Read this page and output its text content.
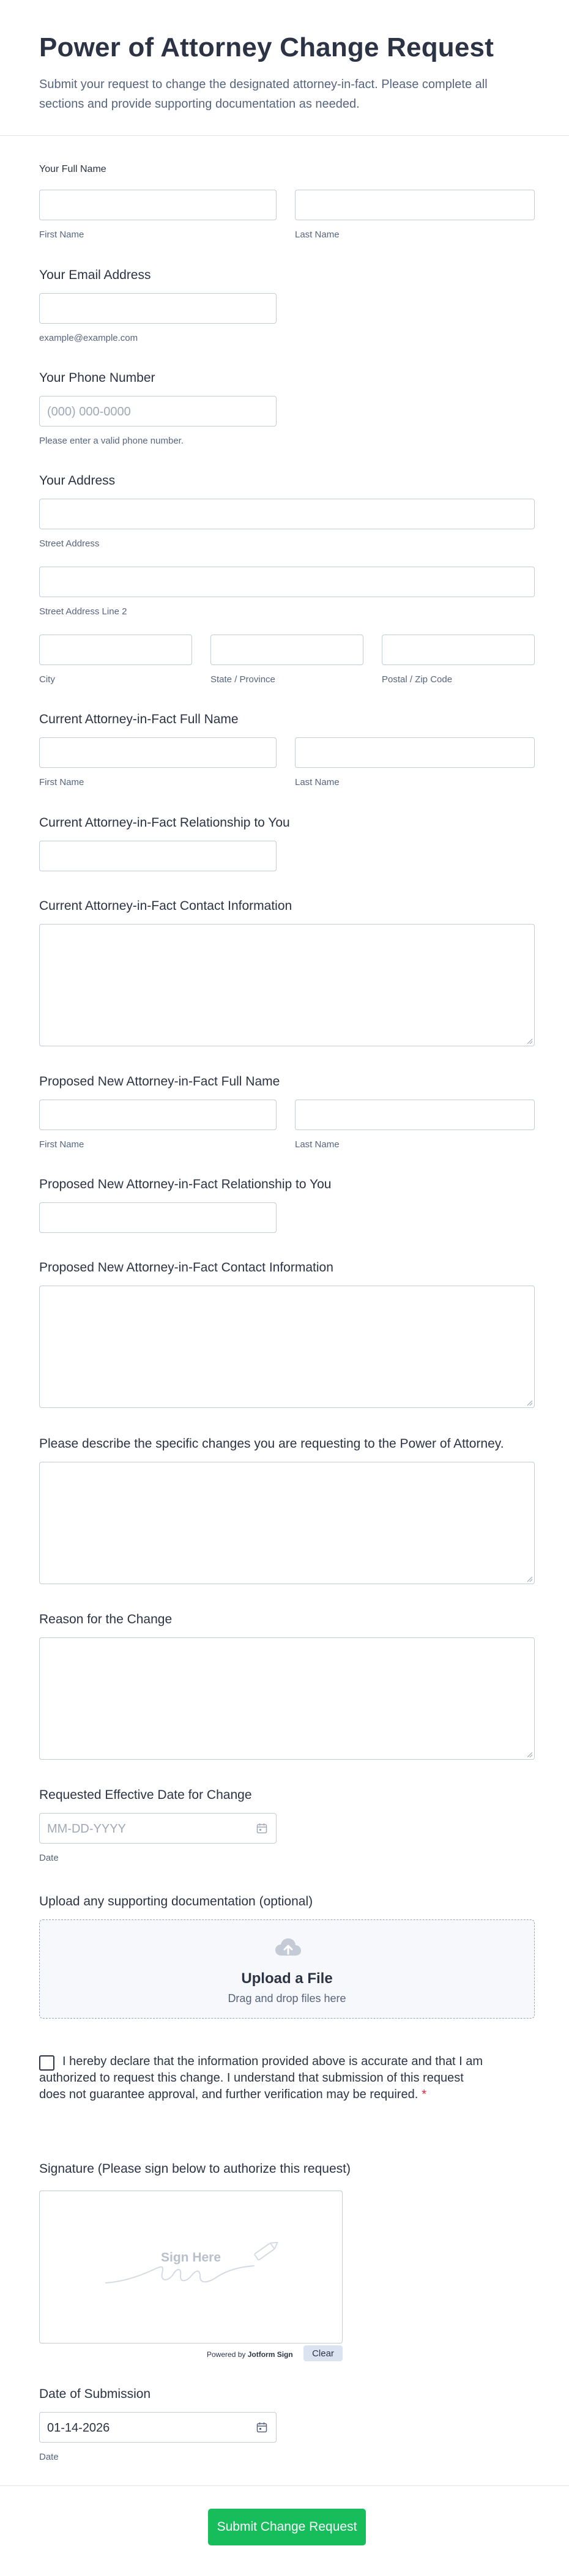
Power of Attorney Change Request

Submit your request to change the designated attorney-in-fact. Please complete all sections and provide supporting documentation as needed.

Your Full Name
First Name	Last Name
Your Email Address
example@example.com
Your Phone Number
(000) 000-0000
Please enter a valid phone number.
Your Address
Street Address
Street Address Line 2
City	State / Province	Postal / Zip Code
Current Attorney-in-Fact Full Name
First Name	Last Name
Current Attorney-in-Fact Relationship to You
Current Attorney-in-Fact Contact Information
Proposed New Attorney-in-Fact Full Name
First Name	Last Name
Proposed New Attorney-in-Fact Relationship to You
Proposed New Attorney-in-Fact Contact Information
Please describe the specific changes you are requesting to the Power of Attorney.
Reason for the Change
Requested Effective Date for Change
MM-DD-YYYY
Date
Upload any supporting documentation (optional)
Upload a File
Drag and drop files here
I hereby declare that the information provided above is accurate and that I am authorized to request this change. I understand that submission of this request does not guarantee approval, and further verification may be required. *
Signature (Please sign below to authorize this request)
Sign Here
Powered by Jotform Sign	Clear
Date of Submission
01-14-2026
Date
Submit Change Request
